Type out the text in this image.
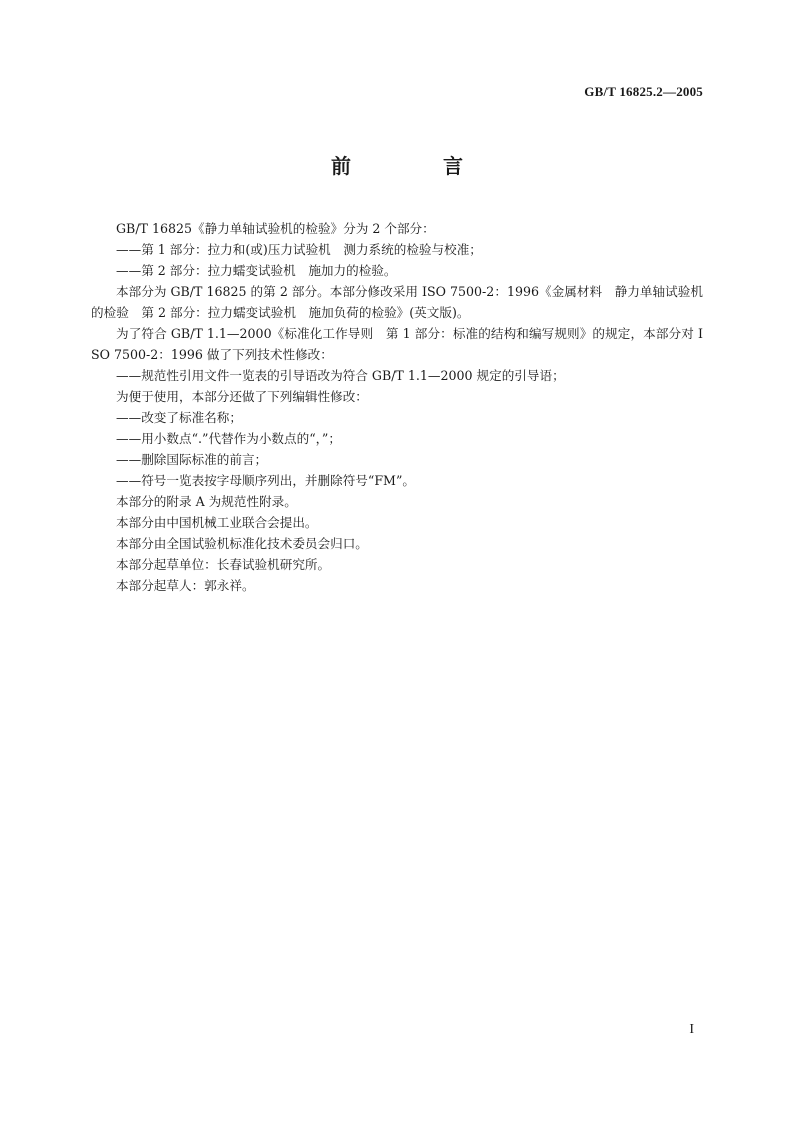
GB/T 16825.2—2005
前　言

GB/T 16825《静力单轴试验机的检验》分为 2 个部分：

——第 1 部分：拉力和(或)压力试验机　测力系统的检验与校准；

——第 2 部分：拉力蠕变试验机　施加力的检验。

本部分为 GB/T 16825 的第 2 部分。本部分修改采用 ISO 7500-2：1996《金属材料　静力单轴试验机的检验　第 2 部分：拉力蠕变试验机　施加负荷的检验》(英文版)。

为了符合 GB/T 1.1—2000《标准化工作导则　第 1 部分：标准的结构和编写规则》的规定，本部分对 ISO 7500-2：1996 做了下列技术性修改：

——规范性引用文件一览表的引导语改为符合 GB/T 1.1—2000 规定的引导语；

为便于使用，本部分还做了下列编辑性修改：

——改变了标准名称；

——用小数点“.”代替作为小数点的“，”；

——删除国际标准的前言；

——符号一览表按字母顺序列出，并删除符号“FM”。

本部分的附录 A 为规范性附录。

本部分由中国机械工业联合会提出。

本部分由全国试验机标准化技术委员会归口。

本部分起草单位：长春试验机研究所。

本部分起草人：郭永祥。

I
